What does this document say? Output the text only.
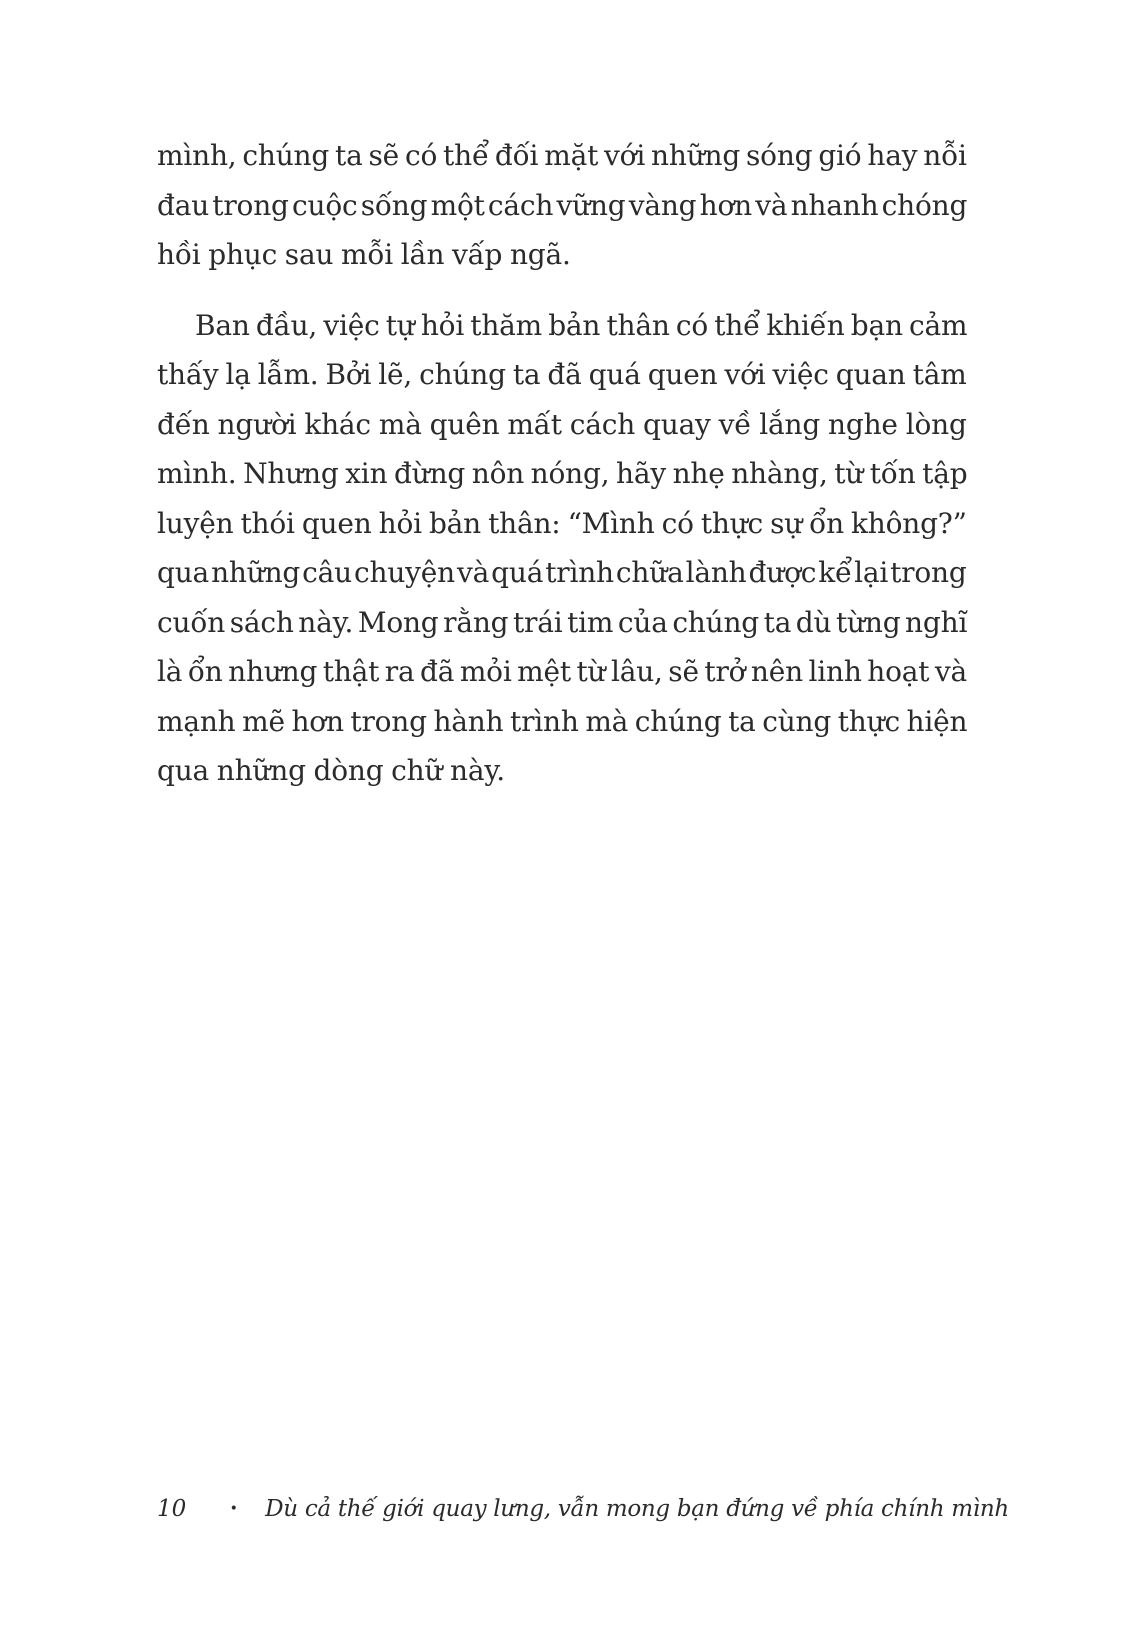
mình, chúng ta sẽ có thể đối mặt với những sóng gió hay nỗi
đau trong cuộc sống một cách vững vàng hơn và nhanh chóng
hồi phục sau mỗi lần vấp ngã.
Ban đầu, việc tự hỏi thăm bản thân có thể khiến bạn cảm
thấy lạ lẫm. Bởi lẽ, chúng ta đã quá quen với việc quan tâm
đến người khác mà quên mất cách quay về lắng nghe lòng
mình. Nhưng xin đừng nôn nóng, hãy nhẹ nhàng, từ tốn tập
luyện thói quen hỏi bản thân: “Mình có thực sự ổn không?”
qua những câu chuyện và quá trình chữa lành được kể lại trong
cuốn sách này. Mong rằng trái tim của chúng ta dù từng nghĩ
là ổn nhưng thật ra đã mỏi mệt từ lâu, sẽ trở nên linh hoạt và
mạnh mẽ hơn trong hành trình mà chúng ta cùng thực hiện
qua những dòng chữ này.
10	• Dù cả thế giới quay lưng, vẫn mong bạn đứng về phía chính mình
